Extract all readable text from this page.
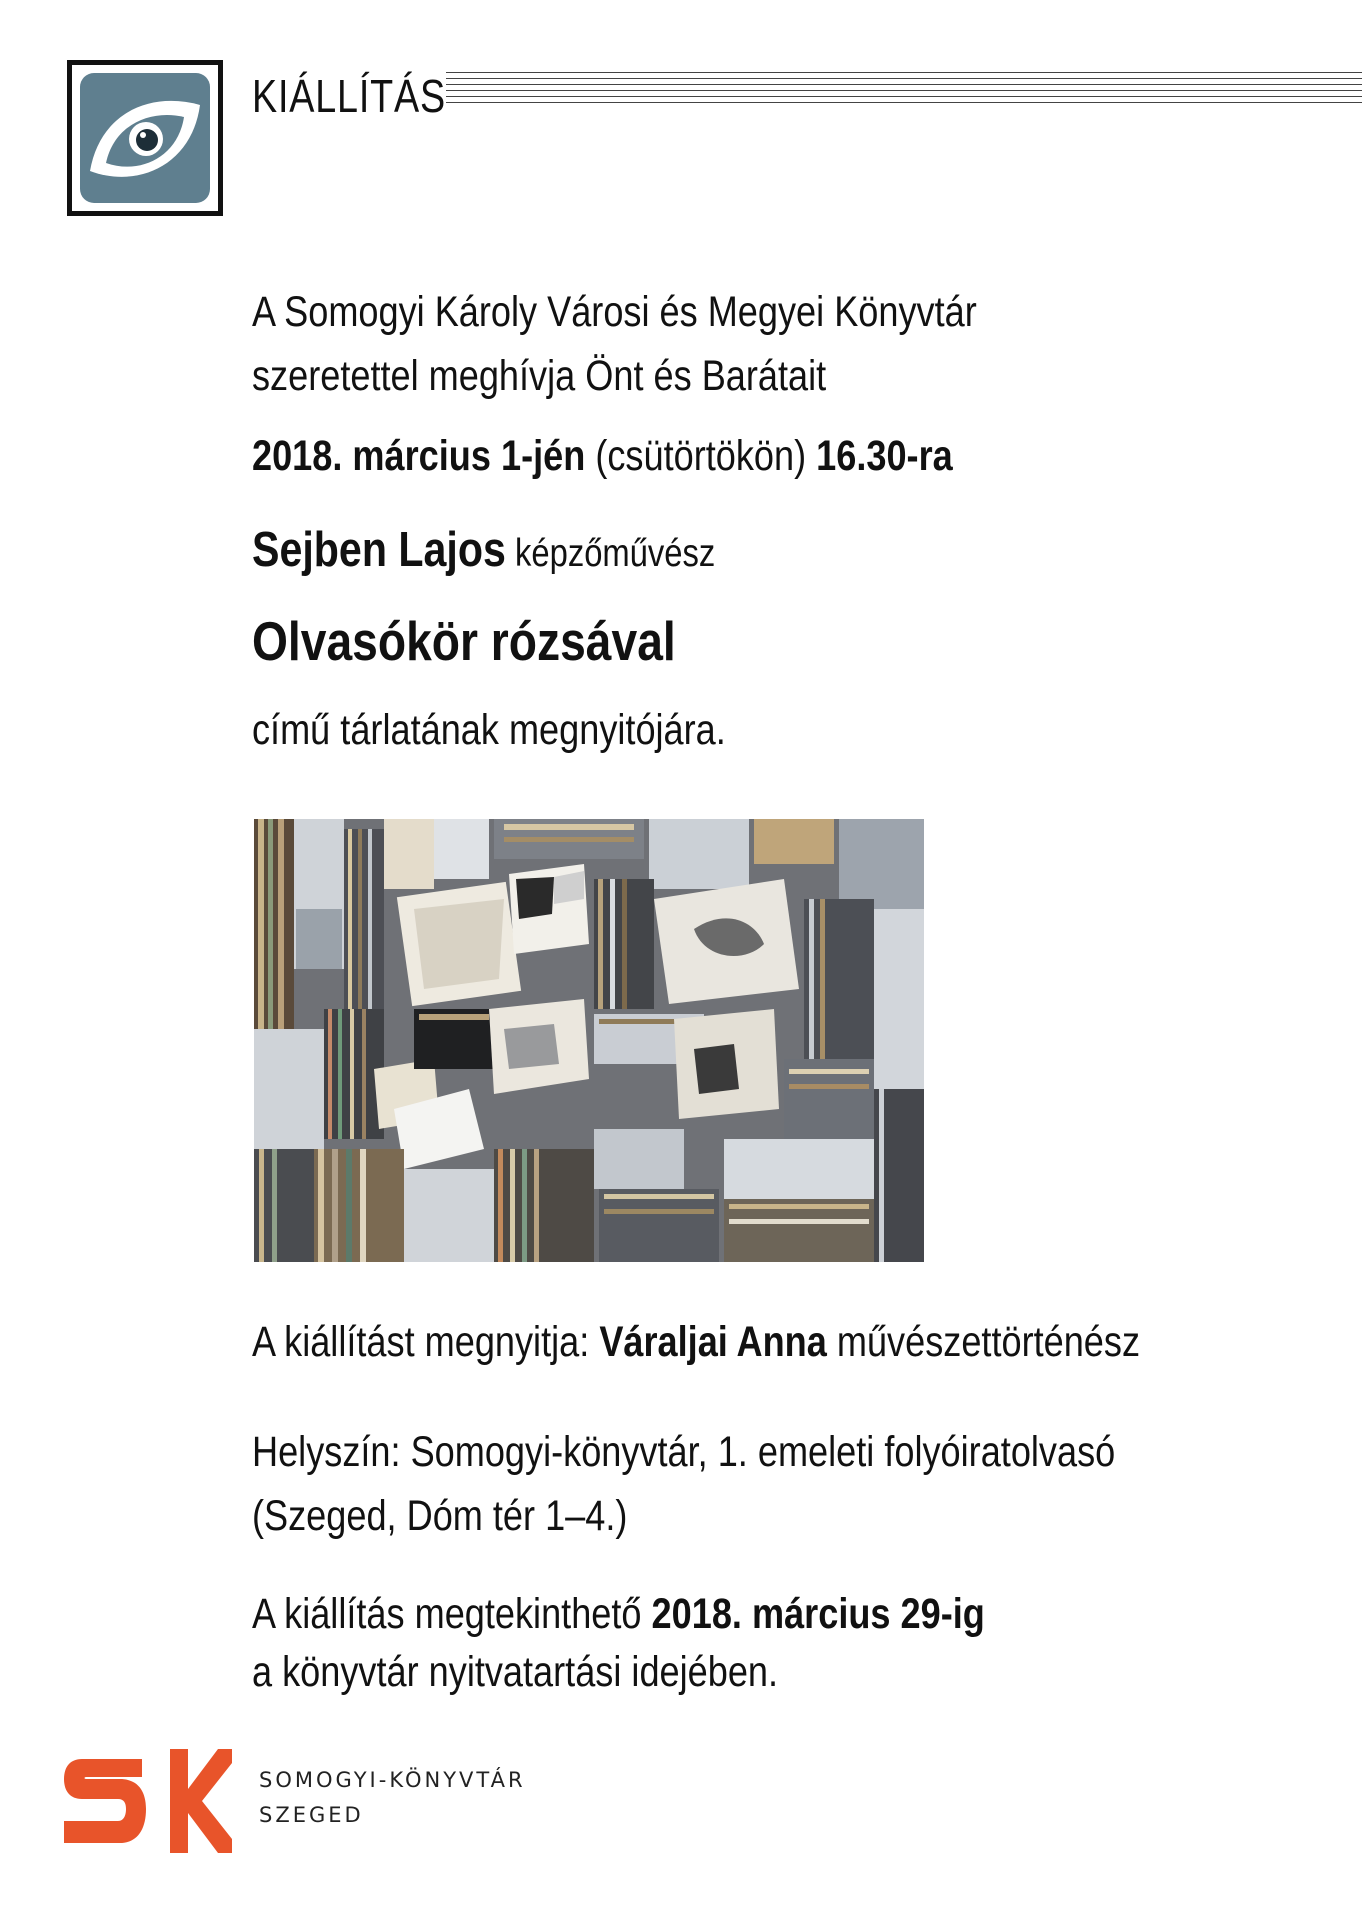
KIÁLLÍTÁS
A Somogyi Károly Városi és Megyei Könyvtár
szeretettel meghívja Önt és Barátait
2018. március 1-jén (csütörtökön) 16.30-ra
Sejben Lajos képzőművész
Olvasókör rózsával
című tárlatának megnyitójára.
A kiállítást megnyitja: Váraljai Anna művészettörténész
Helyszín: Somogyi-könyvtár, 1. emeleti folyóiratolvasó
(Szeged, Dóm tér 1–4.)
A kiállítás megtekinthető 2018. március 29-ig
a könyvtár nyitvatartási idejében.
SOMOGYI-KÖNYVTÁR
SZEGED
